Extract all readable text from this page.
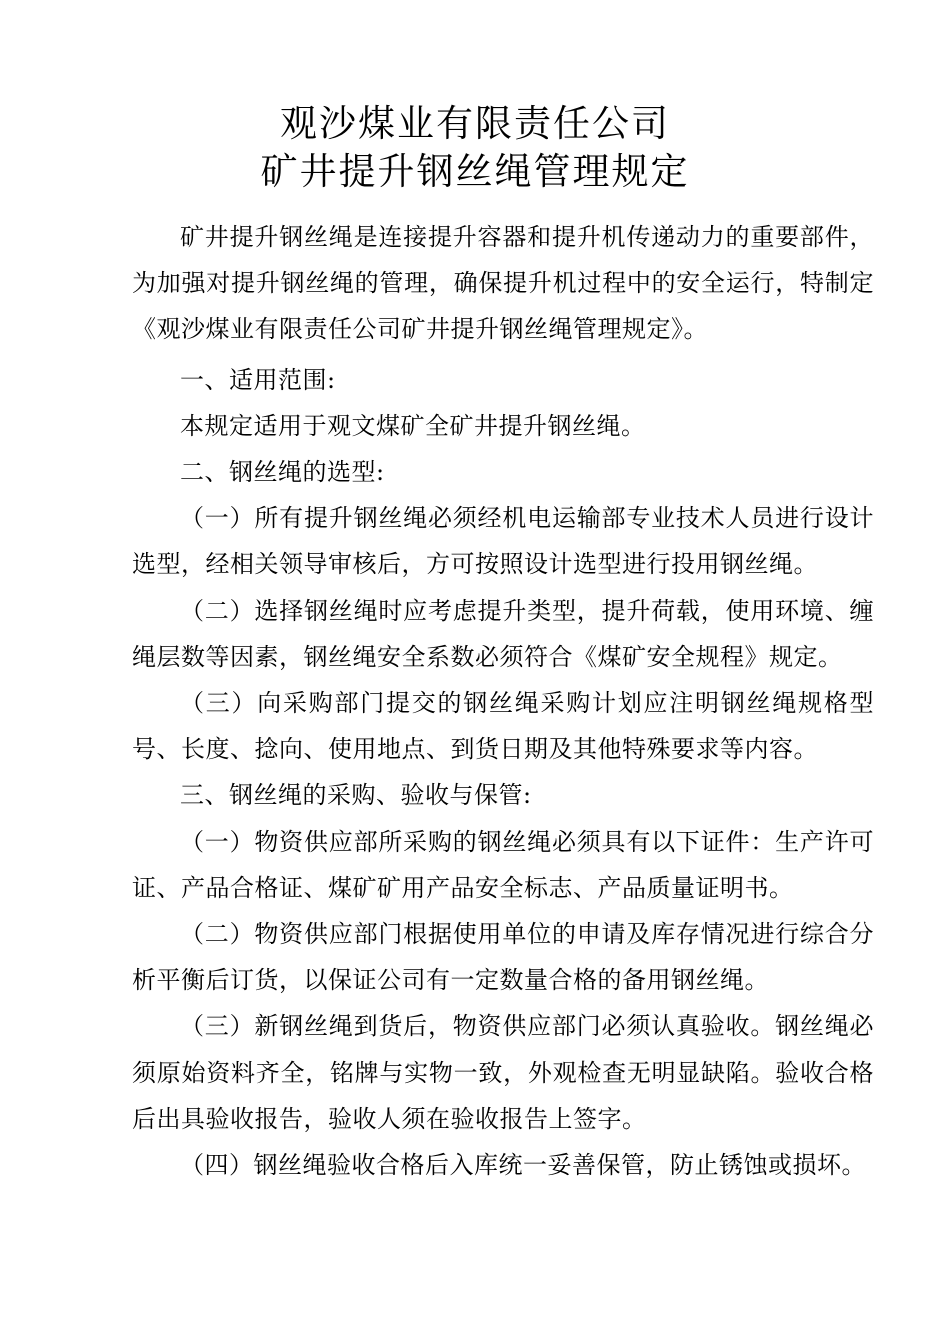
观沙煤业有限责任公司
矿井提升钢丝绳管理规定

矿井提升钢丝绳是连接提升容器和提升机传递动力的重要部件，为加强对提升钢丝绳的管理，确保提升机过程中的安全运行，特制定《观沙煤业有限责任公司矿井提升钢丝绳管理规定》。

一、适用范围:

本规定适用于观文煤矿全矿井提升钢丝绳。

二、钢丝绳的选型:

（一）所有提升钢丝绳必须经机电运输部专业技术人员进行设计选型，经相关领导审核后，方可按照设计选型进行投用钢丝绳。

（二）选择钢丝绳时应考虑提升类型，提升荷载，使用环境、缠绳层数等因素，钢丝绳安全系数必须符合《煤矿安全规程》规定。

（三）向采购部门提交的钢丝绳采购计划应注明钢丝绳规格型号、长度、捻向、使用地点、到货日期及其他特殊要求等内容。

三、钢丝绳的采购、验收与保管:

（一）物资供应部所采购的钢丝绳必须具有以下证件：生产许可证、产品合格证、煤矿矿用产品安全标志、产品质量证明书。

（二）物资供应部门根据使用单位的申请及库存情况进行综合分析平衡后订货，以保证公司有一定数量合格的备用钢丝绳。

（三）新钢丝绳到货后，物资供应部门必须认真验收。钢丝绳必须原始资料齐全，铭牌与实物一致，外观检查无明显缺陷。验收合格后出具验收报告，验收人须在验收报告上签字。

（四）钢丝绳验收合格后入库统一妥善保管，防止锈蚀或损坏。
